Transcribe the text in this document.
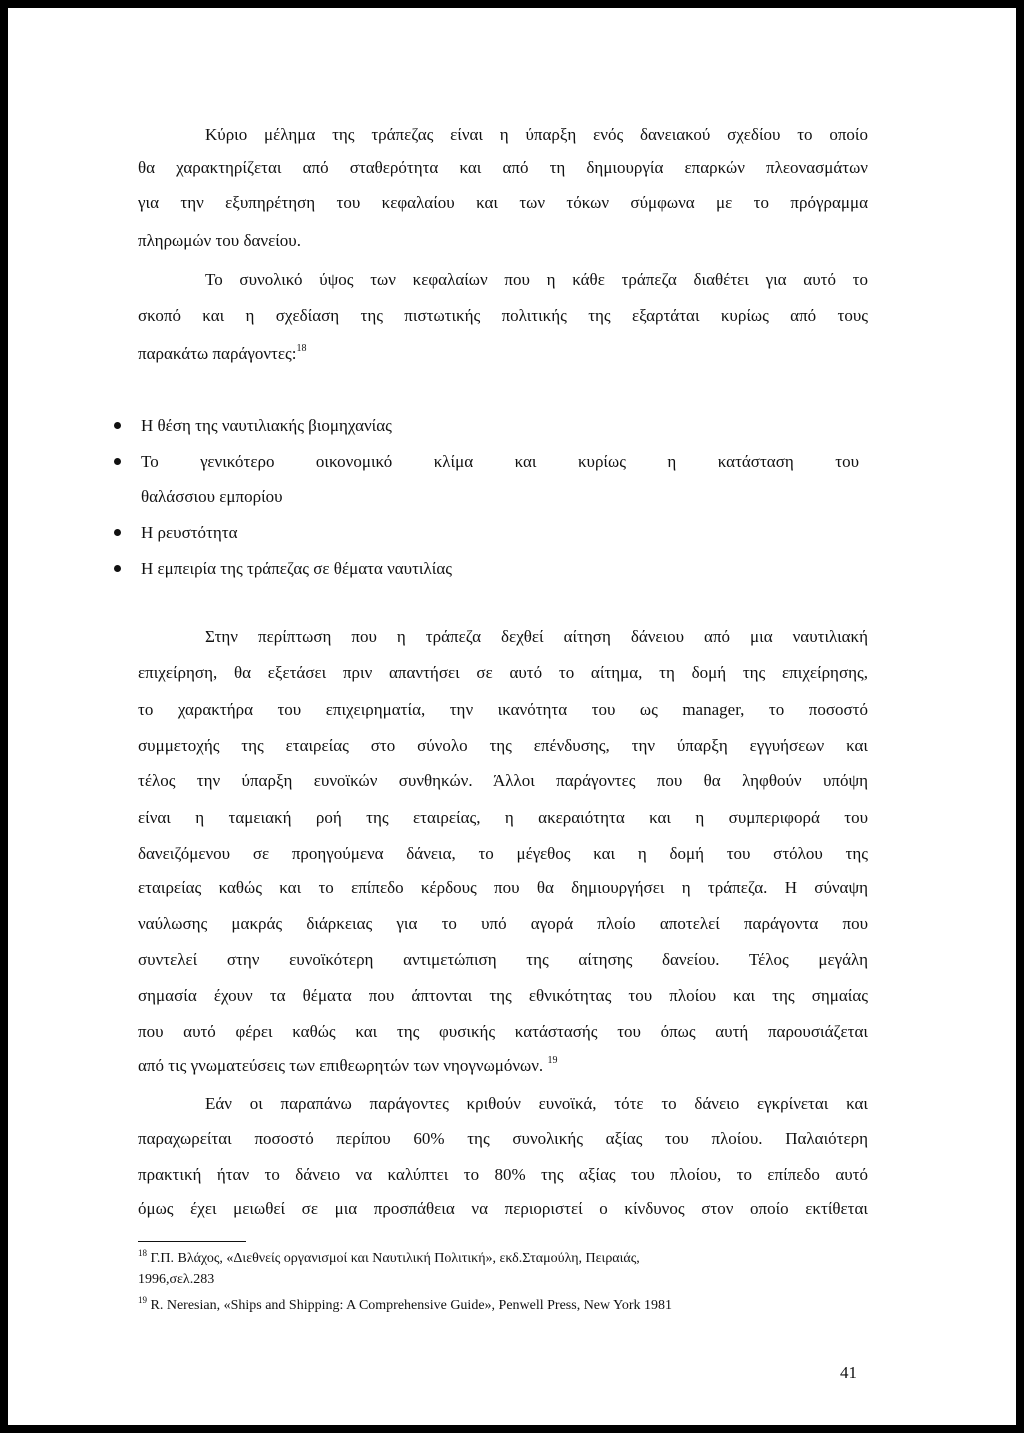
Κύριο μέλημα της τράπεζας είναι η ύπαρξη ενός δανειακού σχεδίου το οποίο
θα χαρακτηρίζεται από σταθερότητα και από τη δημιουργία επαρκών πλεονασμάτων
για την εξυπηρέτηση του κεφαλαίου και των τόκων σύμφωνα με το πρόγραμμα
πληρωμών του δανείου.
Το συνολικό ύψος των κεφαλαίων που η κάθε τράπεζα διαθέτει για αυτό το
σκοπό και η σχεδίαση της πιστωτικής πολιτικής της εξαρτάται κυρίως από τους
παρακάτω παράγοντες:$^{18}$
Η θέση της ναυτιλιακής βιομηχανίας
Το γενικότερο οικονομικό κλίμα και κυρίως η κατάσταση του
θαλάσσιου εμπορίου
Η ρευστότητα
Η εμπειρία της τράπεζας σε θέματα ναυτιλίας
Στην περίπτωση που η τράπεζα δεχθεί αίτηση δάνειου από μια ναυτιλιακή
επιχείρηση, θα εξετάσει πριν απαντήσει σε αυτό το αίτημα, τη δομή της επιχείρησης,
το χαρακτήρα του επιχειρηματία, την ικανότητα του ως manager, το ποσοστό
συμμετοχής της εταιρείας στο σύνολο της επένδυσης, την ύπαρξη εγγυήσεων και
τέλος την ύπαρξη ευνοϊκών συνθηκών. Άλλοι παράγοντες που θα ληφθούν υπόψη
είναι η ταμειακή ροή της εταιρείας, η ακεραιότητα και η συμπεριφορά του
δανειζόμενου σε προηγούμενα δάνεια, το μέγεθος και η δομή του στόλου της
εταιρείας καθώς και το επίπεδο κέρδους που θα δημιουργήσει η τράπεζα. Η σύναψη
ναύλωσης μακράς διάρκειας για το υπό αγορά πλοίο αποτελεί παράγοντα που
συντελεί στην ευνοϊκότερη αντιμετώπιση της αίτησης δανείου. Τέλος μεγάλη
σημασία έχουν τα θέματα που άπτονται της εθνικότητας του πλοίου και της σημαίας
που αυτό φέρει καθώς και της φυσικής κατάστασής του όπως αυτή παρουσιάζεται
από τις γνωματεύσεις των επιθεωρητών των νηογνωμόνων. $^{19}$
Εάν οι παραπάνω παράγοντες κριθούν ευνοϊκά, τότε το δάνειο εγκρίνεται και
παραχωρείται ποσοστό περίπου 60% της συνολικής αξίας του πλοίου. Παλαιότερη
πρακτική ήταν το δάνειο να καλύπτει το 80% της αξίας του πλοίου, το επίπεδο αυτό
όμως έχει μειωθεί σε μια προσπάθεια να περιοριστεί ο κίνδυνος στον οποίο εκτίθεται
$^{18}$ Γ.Π. Βλάχος, «Διεθνείς οργανισμοί και Ναυτιλική Πολιτική», εκδ.Σταμούλη, Πειραιάς,
1996,σελ.283
$^{19}$ R. Neresian, «Ships and Shipping: A Comprehensive Guide», Penwell Press, New York 1981
41
